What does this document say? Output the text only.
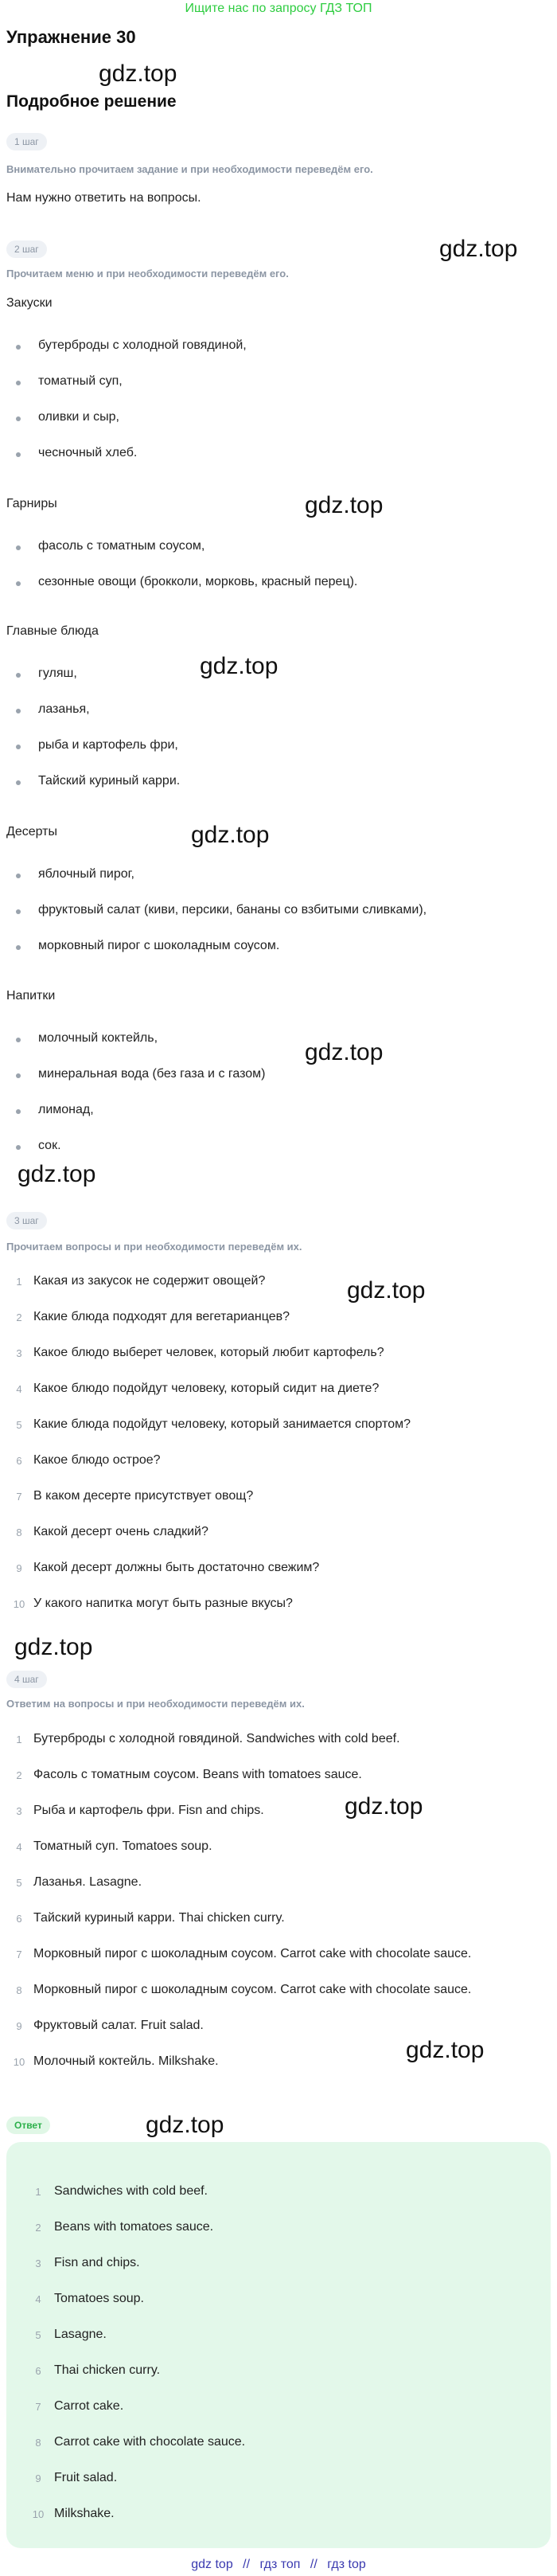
Ищите нас по запросу ГДЗ ТОП
Упражнение 30
Подробное решение
gdz.top
gdz.top
gdz.top
gdz.top
gdz.top
gdz.top
gdz.top
gdz.top
gdz.top
gdz.top
gdz.top
gdz.top
1 шаг
Внимательно прочитаем задание и при необходимости переведём его.
Нам нужно ответить на вопросы.
2 шаг
Прочитаем меню и при необходимости переведём его.
Закуски
бутерброды с холодной говядиной,
томатный суп,
оливки и сыр,
чесночный хлеб.
Гарниры
фасоль с томатным соусом,
сезонные овощи (брокколи, морковь, красный перец).
Главные блюда
гуляш,
лазанья,
рыба и картофель фри,
Тайский куриный карри.
Десерты
яблочный пирог,
фруктовый салат (киви, персики, бананы со взбитыми сливками),
морковный пирог с шоколадным соусом.
Напитки
молочный коктейль,
минеральная вода (без газа и с газом)
лимонад,
сок.
3 шаг
Прочитаем вопросы и при необходимости переведём их.
1 Какая из закусок не содержит овощей?
2 Какие блюда подходят для вегетарианцев?
3 Какое блюдо выберет человек, который любит картофель?
4 Какое блюдо подойдут человеку, который сидит на диете?
5 Какие блюда подойдут человеку, который занимается спортом?
6 Какое блюдо острое?
7 В каком десерте присутствует овощ?
8 Какой десерт очень сладкий?
9 Какой десерт должны быть достаточно свежим?
10 У какого напитка могут быть разные вкусы?
4 шаг
Ответим на вопросы и при необходимости переведём их.
1 Бутерброды с холодной говядиной. Sandwiches with cold beef.
2 Фасоль с томатным соусом. Beans with tomatoes sauce.
3 Рыба и картофель фри. Fisn and chips.
4 Томатный суп. Tomatoes soup.
5 Лазанья. Lasagne.
6 Тайский куриный карри. Thai chicken curry.
7 Морковный пирог с шоколадным соусом. Carrot cake with chocolate sauce.
8 Морковный пирог с шоколадным соусом. Carrot cake with chocolate sauce.
9 Фруктовый салат. Fruit salad.
10 Молочный коктейль. Milkshake.
Ответ
1	Sandwiches with cold beef.
2	Beans with tomatoes sauce.
3	Fisn and chips.
4	Tomatoes soup.
5	Lasagne.
6	Thai chicken curry.
7	Carrot cake.
8	Carrot cake with chocolate sauce.
9	Fruit salad.
10 Milkshake.
gdz top // гдз топ // гдз top
